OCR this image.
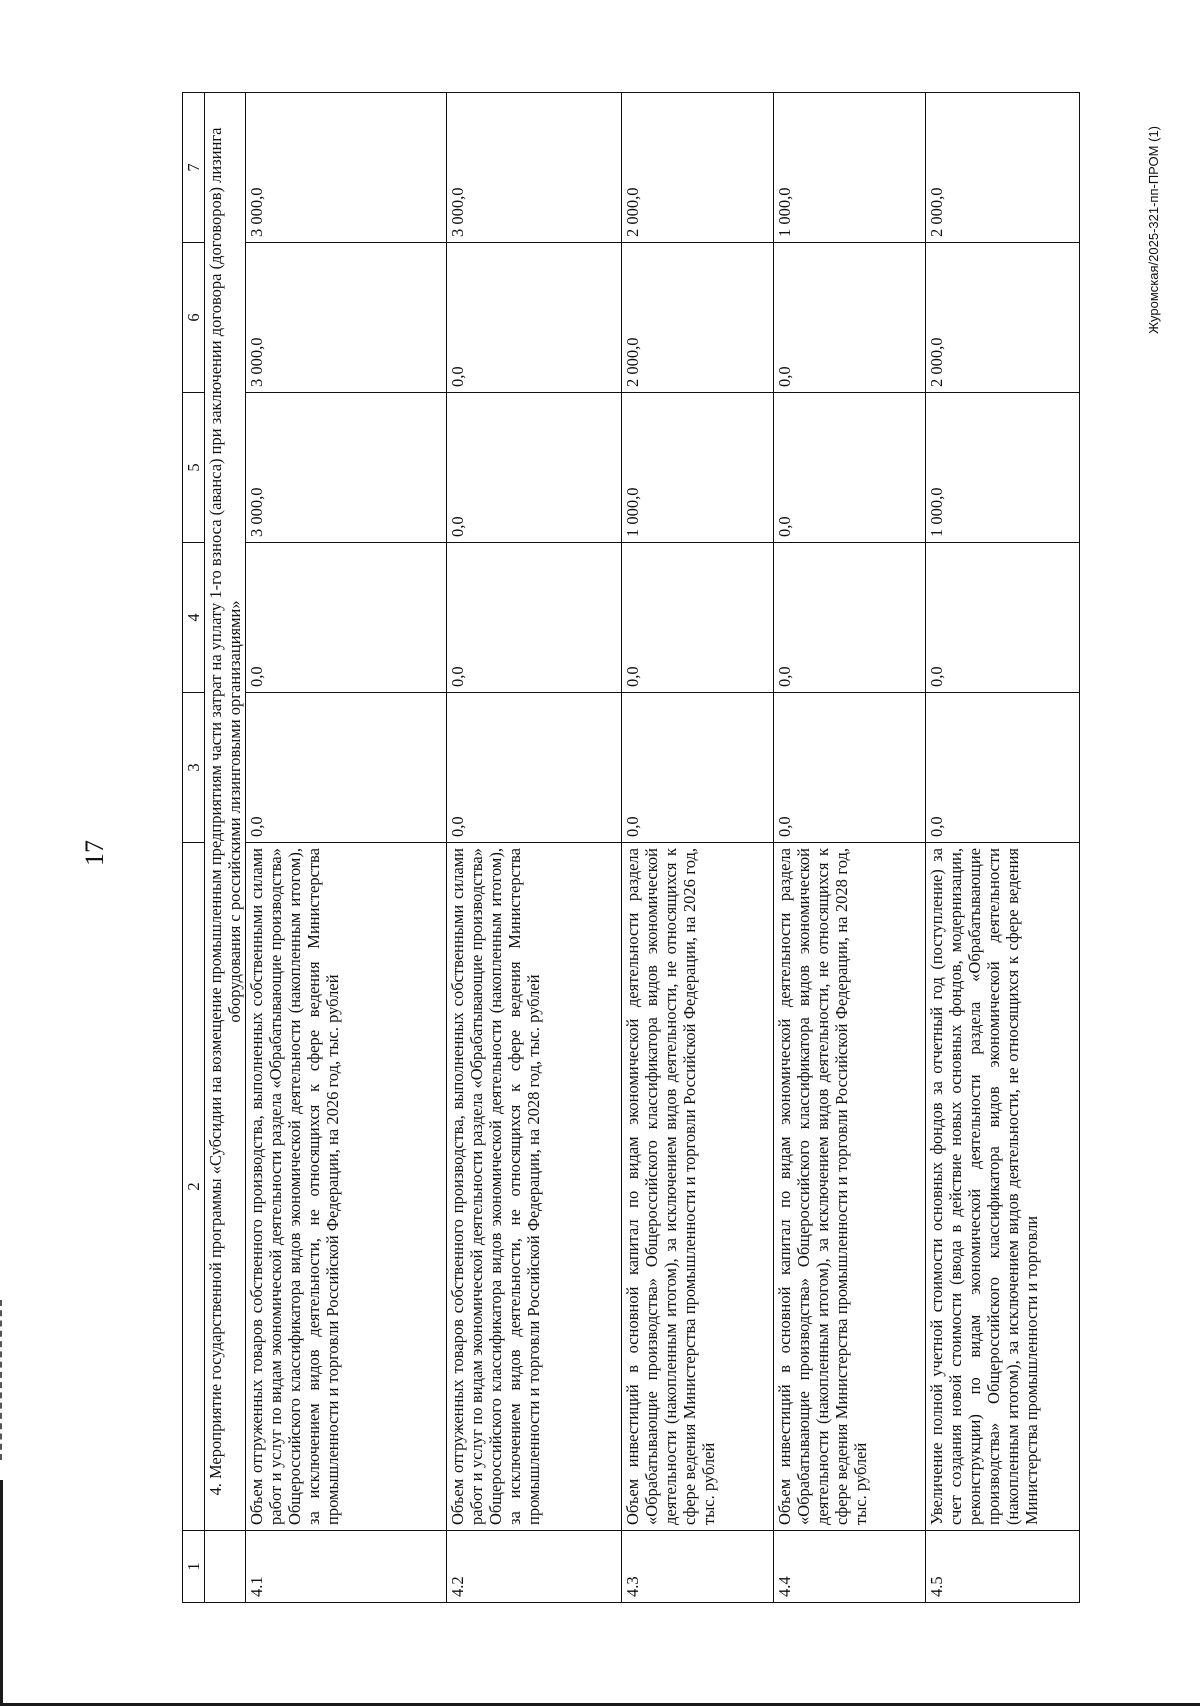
17
1	2	3	4	5	6	7
	4. Мероприятие государственной программы «Субсидии на возмещение промышленным предприятиям части затрат на уплату 1-го взноса (аванса) при заключении договора (договоров) лизинга оборудования с российскими лизинговыми организациями»					
4.1	Объем отгруженных товаров собственного производства, выполненных собственными силами работ и услуг по видам экономической деятельности раздела «Обрабатывающие производства» Общероссийского классификатора видов экономической деятельности (накопленным итогом), за исключением видов деятельности, не относящихся к сфере ведения Министерства промышленности и торговли Российской Федерации, на 2026 год, тыс. рублей	0,0	0,0	3 000,0	3 000,0	3 000,0
4.2	Объем отгруженных товаров собственного производства, выполненных собственными силами работ и услуг по видам экономической деятельности раздела «Обрабатывающие производства» Общероссийского классификатора видов экономической деятельности (накопленным итогом), за исключением видов деятельности, не относящихся к сфере ведения Министерства промышленности и торговли Российской Федерации, на 2028 год, тыс. рублей	0,0	0,0	0,0	0,0	3 000,0
4.3	Объем инвестиций в основной капитал по видам экономической деятельности раздела «Обрабатывающие производства» Общероссийского классификатора видов экономической деятельности (накопленным итогом), за исключением видов деятельности, не относящихся к сфере ведения Министерства промышленности и торговли Российской Федерации, на 2026 год, тыс. рублей	0,0	0,0	1 000,0	2 000,0	2 000,0
4.4	Объем инвестиций в основной капитал по видам экономической деятельности раздела «Обрабатывающие производства» Общероссийского классификатора видов экономической деятельности (накопленным итогом), за исключением видов деятельности, не относящихся к сфере ведения Министерства промышленности и торговли Российской Федерации, на 2028 год, тыс. рублей	0,0	0,0	0,0	0,0	1 000,0
4.5	Увеличение полной учетной стоимости основных фондов за отчетный год (поступление) за счет создания новой стоимости (ввода в действие новых основных фондов, модернизации, реконструкции) по видам экономической деятельности раздела «Обрабатывающие производства» Общероссийского классификатора видов экономической деятельности (накопленным итогом), за исключением видов деятельности, не относящихся к сфере ведения Министерства промышленности и торговли	0,0	0,0	1 000,0	2 000,0	2 000,0	Журомская/2025-321-пп-ПРОМ (1)
